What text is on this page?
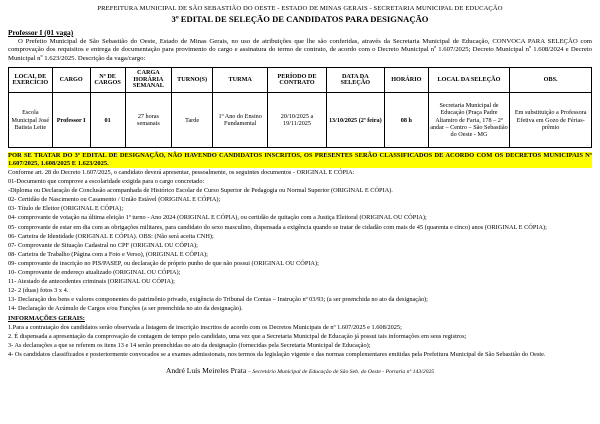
PREFEITURA MUNICIPAL DE SÃO SEBASTIÃO DO OESTE - ESTADO DE MINAS GERAIS - SECRETARIA MUNICIPAL DE EDUCAÇÃO
3º EDITAL DE SELEÇÃO DE CANDIDATOS PARA DESIGNAÇÃO
Professor I (01 vaga)
O Prefeito Municipal de São Sebastião do Oeste, Estado de Minas Gerais, no uso de atribuições que lhe são conferidas, através da Secretaria Municipal de Educação, CONVOCA PARA SELEÇÃO com comprovação dos requisitos e entrega de documentação para provimento do cargo e assinatura do termo de contrato, de acordo com o Decreto Municipal nº 1.607/2025; Decreto Municipal nº 1.608/2024 e Decreto Municipal nº 1.623/2025. Descrição da vaga/cargo:
LOCAL DE EXERCÍCIO	CARGO	Nº DE CARGOS	CARGA HORÁRIA SEMANAL	TURNO(S)	TURMA	PERÍODO DE CONTRATO	DATA DA SELEÇÃO	HORÁRIO	LOCAL DA SELEÇÃO	OBS.
Escola Municipal José Batista Leite	Professor I	01	27 horas semanais	Tarde	1º Ano do Ensino Fundamental	20/10/2025 a 19/11/2025	13/10/2025 (2ª feira)	08 h	Secretaria Municipal de Educação (Praça Padre Altamiro de Faria, 178 – 2º andar – Centro – São Sebastião do Oeste - MG	Em substituição a Professora Efetiva em Gozo de Férias-prêmio
POR SE TRATAR DO 3º EDITAL DE DESIGNAÇÃO, NÃO HAVENDO CANDIDATOS INSCRITOS, OS PRESENTES SERÃO CLASSIFICADOS DE ACORDO COM OS DECRETOS MUNICIPAIS Nº 1.607/2025, 1.608/2025 E 1.623/2025.
Conforme art. 28 do Decreto 1.607/2025, o candidato deverá apresentar, pessoalmente, os seguintes documentos - ORIGINAL E CÓPIA:
01-Documento que comprove a escolaridade exigida para o cargo concretado:
-Diploma ou Declaração de Conclusão acompanhada de Histórico Escolar de Curso Superior de Pedagogia ou Normal Superior (ORIGINAL E CÓPIA).
02- Certidão de Nascimento ou Casamento / União Estável (ORIGINAL E CÓPIA);
03- Título de Eleitor (ORIGINAL E CÓPIA);
04- comprovante de votação na última eleição 1º turno - Ano 2024 (ORIGINAL E CÓPIA), ou certidão de quitação com a Justiça Eleitoral (ORIGINAL OU CÓPIA);
05- comprovante de estar em dia com as obrigações militares, para candidato do sexo masculino, dispensada a exigência quando se tratar de cidadão com mais de 45 (quarenta e cinco) anos (ORIGINAL E CÓPIA);
06- Carteira de Identidade (ORIGINAL E CÓPIA). OBS: (Não será aceita CNH);
07- Comprovante de Situação Cadastral no CPF (ORIGINAL OU CÓPIA);
08- Carteira de Trabalho (Página com a Foto e Verso), (ORIGINAL E CÓPIA);
09- comprovante de inscrição no PIS/PASEP, ou declaração de próprio punho de que não possui (ORIGINAL OU CÓPIA);
10- Comprovante de endereço atualizado (ORIGINAL OU CÓPIA);
11- Atestado de antecedentes criminais (ORIGINAL OU CÓPIA);
12- 2 (duas) fotos 3 x 4.
13- Declaração dos bens e valores componentes do patrimônio privado, exigência do Tribunal de Contas – Instrução nº 03/93; (a ser preenchida no ato da designação);
14- Declaração de Acúmulo de Cargos e/ou Funções (a ser preenchida no ato da designação).
INFORMAÇÕES GERAIS:
1.Para a contratação dos candidatos serão observada a listagem de inscrição inscritos de acordo com os Decretos Municipais de nº 1.607/2025 e 1.608/2025;
2. É dispensada a apresentação da comprovação de contagem de tempo pelo candidato, uma vez que a Secretaria Municipal de Educação já possui tais informações em seus registros;
3- As declarações a que se referem os itens 13 e 14 serão preenchidas no ato da designação (fornecidas pela Secretaria Municipal de Educação);
4- Os candidatos classificados e posteriormente convocados se a exames admissionais, nos termos da legislação vigente e das normas complementares emitidas pela Prefeitura Municipal de São Sebastião do Oeste.
André Luís Meireles Prata – Secretário Municipal de Educação de São Seb. do Oeste - Portaria nº 143/2025
